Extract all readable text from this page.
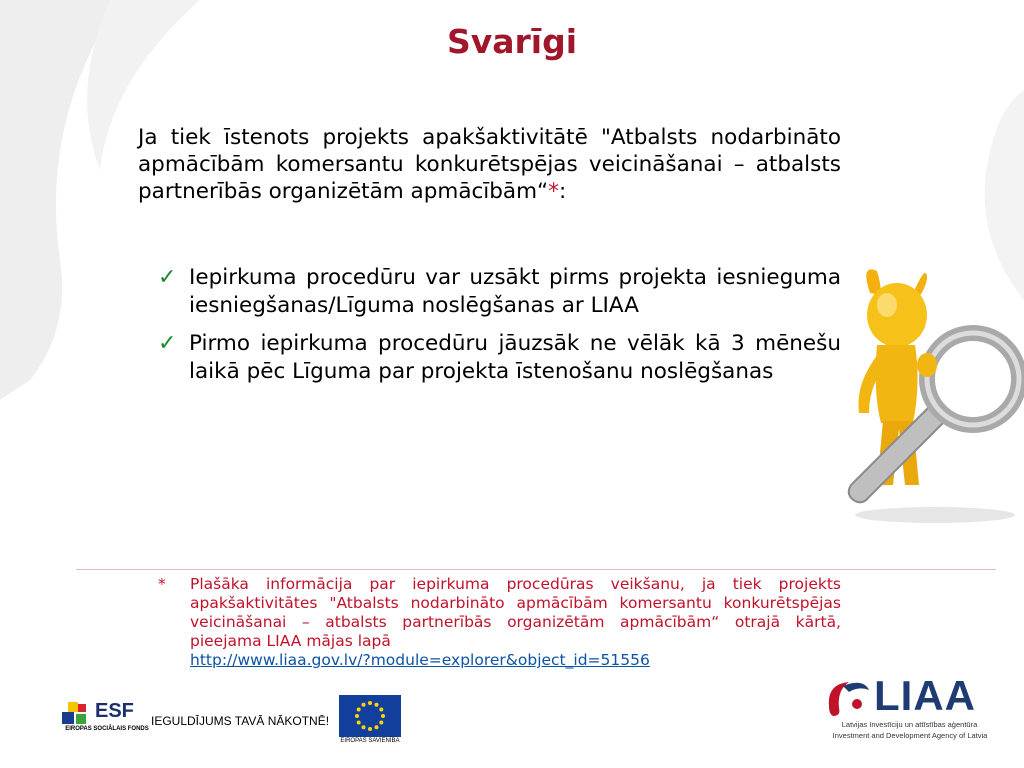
Svarīgi
Ja tiek īstenots projekts apakšaktivitātē "Atbalsts nodarbināto apmācībām komersantu konkurētspējas veicināšanai – atbalsts partnerībās organizētām apmācībām“*:
✓ Iepirkuma procedūru var uzsākt pirms projekta iesnieguma iesniegšanas/Līguma noslēgšanas ar LIAA
✓ Pirmo iepirkuma procedūru jāuzsāk ne vēlāk kā 3 mēnešu laikā pēc Līguma par projekta īstenošanu noslēgšanas
* Plašāka informācija par iepirkuma procedūras veikšanu, ja tiek projekts apakšaktivitātes "Atbalsts nodarbināto apmācībām komersantu konkurētspējas veicināšanai – atbalsts partnerībās organizētām apmācībām“ otrajā kārtā, pieejama LIAA mājas lapā
http://www.liaa.gov.lv/?module=explorer&object_id=51556
ESF
EIROPAS SOCIĀLAIS FONDS
IEGULDĪJUMS TAVĀ NĀKOTNĒ!
EIROPAS SAVIENĪBA
LIAA
Latvijas Investīciju un attīstības aģentūra
Investment and Development Agency of Latvia
